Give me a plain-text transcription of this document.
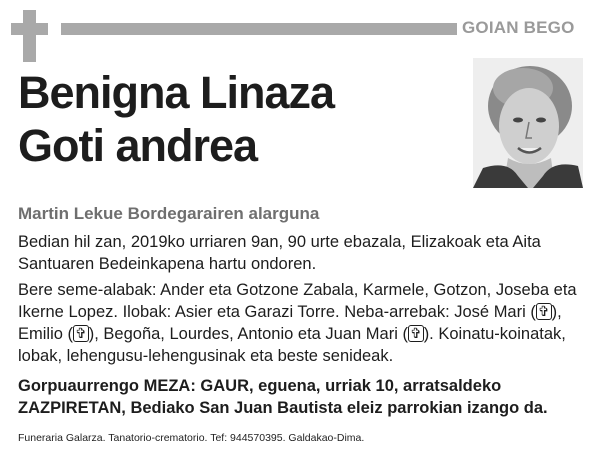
GOIAN BEGO
Benigna Linaza
Goti andrea
Martin Lekue Bordegarairen alarguna

Bedian hil zan, 2019ko urriaren 9an, 90 urte ebazala, Elizakoak eta Aita Santuaren Bedeinkapena hartu ondoren.

Bere seme-alabak: Ander eta Gotzone Zabala, Karmele, Gotzon, Joseba eta Ikerne Lopez. Ilobak: Asier eta Garazi Torre. Neba-arrebak: José Mari ( ✞ ), Emilio ( ✞ ), Begoña, Lourdes, Antonio eta Juan Mari ( ✞ ). Koinatu-koinatak, lobak, lehengusu-lehengusinak eta beste senideak.

Gorpuaurrengo MEZA: GAUR, eguena, urriak 10, arratsaldeko ZAZPIRETAN, Bediako San Juan Bautista eleiz parrokian izango da.

Funeraria Galarza. Tanatorio-crematorio. Tef: 944570395. Galdakao-Dima.
